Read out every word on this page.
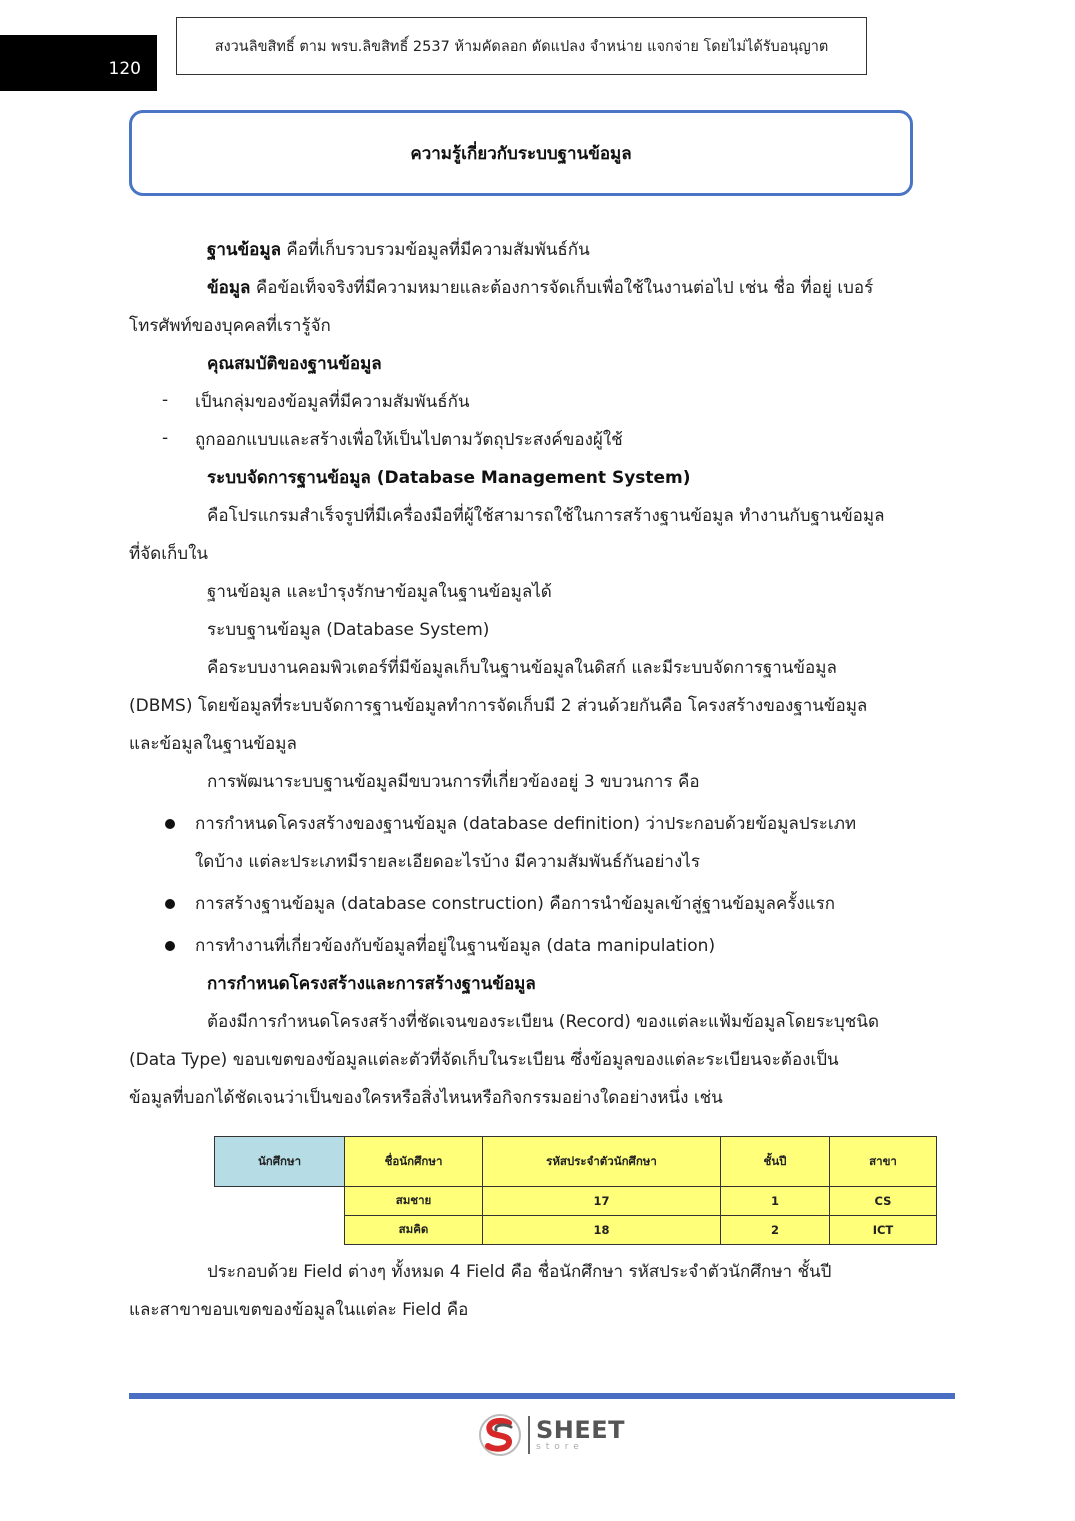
120
สงวนลิขสิทธิ์ ตาม พรบ.ลิขสิทธิ์ 2537 ห้ามคัดลอก ดัดแปลง จำหน่าย แจกจ่าย โดยไม่ได้รับอนุญาต
ความรู้เกี่ยวกับระบบฐานข้อมูล
ฐานข้อมูล คือที่เก็บรวบรวมข้อมูลที่มีความสัมพันธ์กัน
ข้อมูล คือข้อเท็จจริงที่มีความหมายและต้องการจัดเก็บเพื่อใช้ในงานต่อไป เช่น ชื่อ ที่อยู่ เบอร์
โทรศัพท์ของบุคคลที่เรารู้จัก
คุณสมบัติของฐานข้อมูล
- เป็นกลุ่มของข้อมูลที่มีความสัมพันธ์กัน
- ถูกออกแบบและสร้างเพื่อให้เป็นไปตามวัตถุประสงค์ของผู้ใช้
ระบบจัดการฐานข้อมูล (Database Management System)
คือโปรแกรมสำเร็จรูปที่มีเครื่องมือที่ผู้ใช้สามารถใช้ในการสร้างฐานข้อมูล ทำงานกับฐานข้อมูล
ที่จัดเก็บใน
ฐานข้อมูล และบำรุงรักษาข้อมูลในฐานข้อมูลได้
ระบบฐานข้อมูล (Database System)
คือระบบงานคอมพิวเตอร์ที่มีข้อมูลเก็บในฐานข้อมูลในดิสก์ และมีระบบจัดการฐานข้อมูล
(DBMS) โดยข้อมูลที่ระบบจัดการฐานข้อมูลทำการจัดเก็บมี 2 ส่วนด้วยกันคือ โครงสร้างของฐานข้อมูล
และข้อมูลในฐานข้อมูล
การพัฒนาระบบฐานข้อมูลมีขบวนการที่เกี่ยวข้องอยู่ 3 ขบวนการ คือ
การกำหนดโครงสร้างของฐานข้อมูล (database definition) ว่าประกอบด้วยข้อมูลประเภท
ใดบ้าง แต่ละประเภทมีรายละเอียดอะไรบ้าง มีความสัมพันธ์กันอย่างไร
การสร้างฐานข้อมูล (database construction) คือการนำข้อมูลเข้าสู่ฐานข้อมูลครั้งแรก
การทำงานที่เกี่ยวข้องกับข้อมูลที่อยู่ในฐานข้อมูล (data manipulation)
การกำหนดโครงสร้างและการสร้างฐานข้อมูล
ต้องมีการกำหนดโครงสร้างที่ชัดเจนของระเบียน (Record) ของแต่ละแฟ้มข้อมูลโดยระบุชนิด
(Data Type) ขอบเขตของข้อมูลแต่ละตัวที่จัดเก็บในระเบียน ซึ่งข้อมูลของแต่ละระเบียนจะต้องเป็น
ข้อมูลที่บอกได้ชัดเจนว่าเป็นของใครหรือสิ่งไหนหรือกิจกรรมอย่างใดอย่างหนึ่ง เช่น
นักศึกษา	ชื่อนักศึกษา	รหัสประจำตัวนักศึกษา	ชั้นปี	สาขา
	สมชาย	17	1	CS
	สมคิด	18	2	ICT
ประกอบด้วย Field ต่างๆ ทั้งหมด 4 Field คือ ชื่อนักศึกษา รหัสประจำตัวนักศึกษา ชั้นปี
และสาขาขอบเขตของข้อมูลในแต่ละ Field คือ
SHEET
store
